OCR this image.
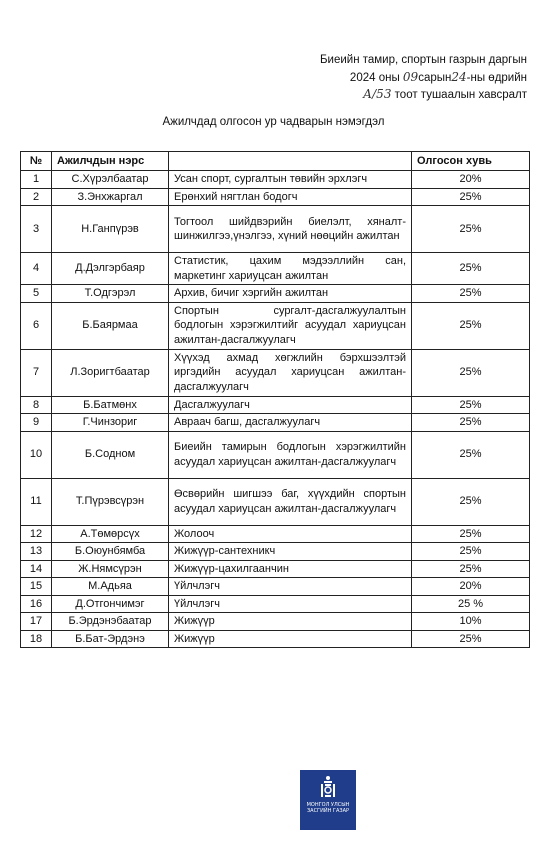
Биеийн тамир, спортын газрын даргын
2024 оны 09сарын24-ны өдрийн
А/53 тоот тушаалын хавсралт
Ажилчдад олгосон ур чадварын нэмэгдэл
№	Ажилчдын нэрс		Олгосон хувь
1	С.Хүрэлбаатар	Усан спорт, сургалтын төвийн эрхлэгч	20%
2	З.Энхжаргал	Ерөнхий нягтлан бодогч	25%
3	Н.Ганпүрэв	Тогтоол шийдвэрийн биелэлт, хяналт-шинжилгээ,үнэлгээ, хүний нөөцийн ажилтан	25%
4	Д.Дэлгэрбаяр	Статистик, цахим мэдээллийн сан, маркетинг хариуцсан ажилтан	25%
5	Т.Одгэрэл	Архив, бичиг хэргийн ажилтан	25%
6	Б.Баярмаа	Спортын сургалт-дасгалжуулалтын бодлогын хэрэгжилтийг асуудал хариуцсан ажилтан-дасгалжуулагч	25%
7	Л.Зоригтбаатар	Хүүхэд ахмад хөгжлийн бэрхшээлтэй иргэдийн асуудал хариуцсан ажилтан-дасгалжуулагч	25%
8	Б.Батмөнх	Дасгалжуулагч	25%
9	Г.Чинзориг	Авраач багш, дасгалжуулагч	25%
10	Б.Содном	Биеийн тамирын бодлогын хэрэгжилтийн асуудал хариуцсан ажилтан-дасгалжуулагч	25%
11	Т.Пүрэвсүрэн	Өсвөрийн шигшээ баг, хүүхдийн спортын асуудал хариуцсан ажилтан-дасгалжуулагч	25%
12	А.Төмөрсүх	Жолооч	25%
13	Б.Оюунбямба	Жижүүр-сантехникч	25%
14	Ж.Нямсүрэн	Жижүүр-цахилгаанчин	25%
15	М.Адьяа	Үйлчлэгч	20%
16	Д.Отгончимэг	Үйлчлэгч	25 %
17	Б.Эрдэнэбаатар	Жижүүр	10%
18	Б.Бат-Эрдэнэ	Жижүүр	25%
МОНГОЛ УЛСЫН
ЗАСГИЙН ГАЗАР
